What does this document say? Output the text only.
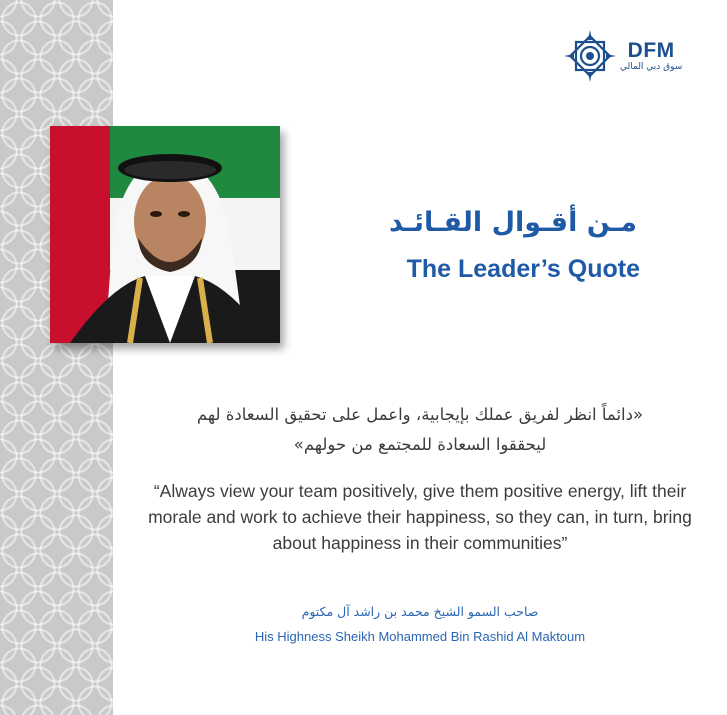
DFM
سوق دبي المالي
مـن أقـوال القـائـد
The Leader’s Quote
«دائماً انظر لفريق عملك بإيجابية، واعمل على تحقيق السعادة لهم
ليحققوا السعادة للمجتمع من حولهم»
“Always view your team positively, give them positive energy, lift their morale and work to achieve their happiness, so they can, in turn, bring about happiness in their communities”
صاحب السمو الشيخ محمد بن راشد آل مكتوم
His Highness Sheikh Mohammed Bin Rashid Al Maktoum
